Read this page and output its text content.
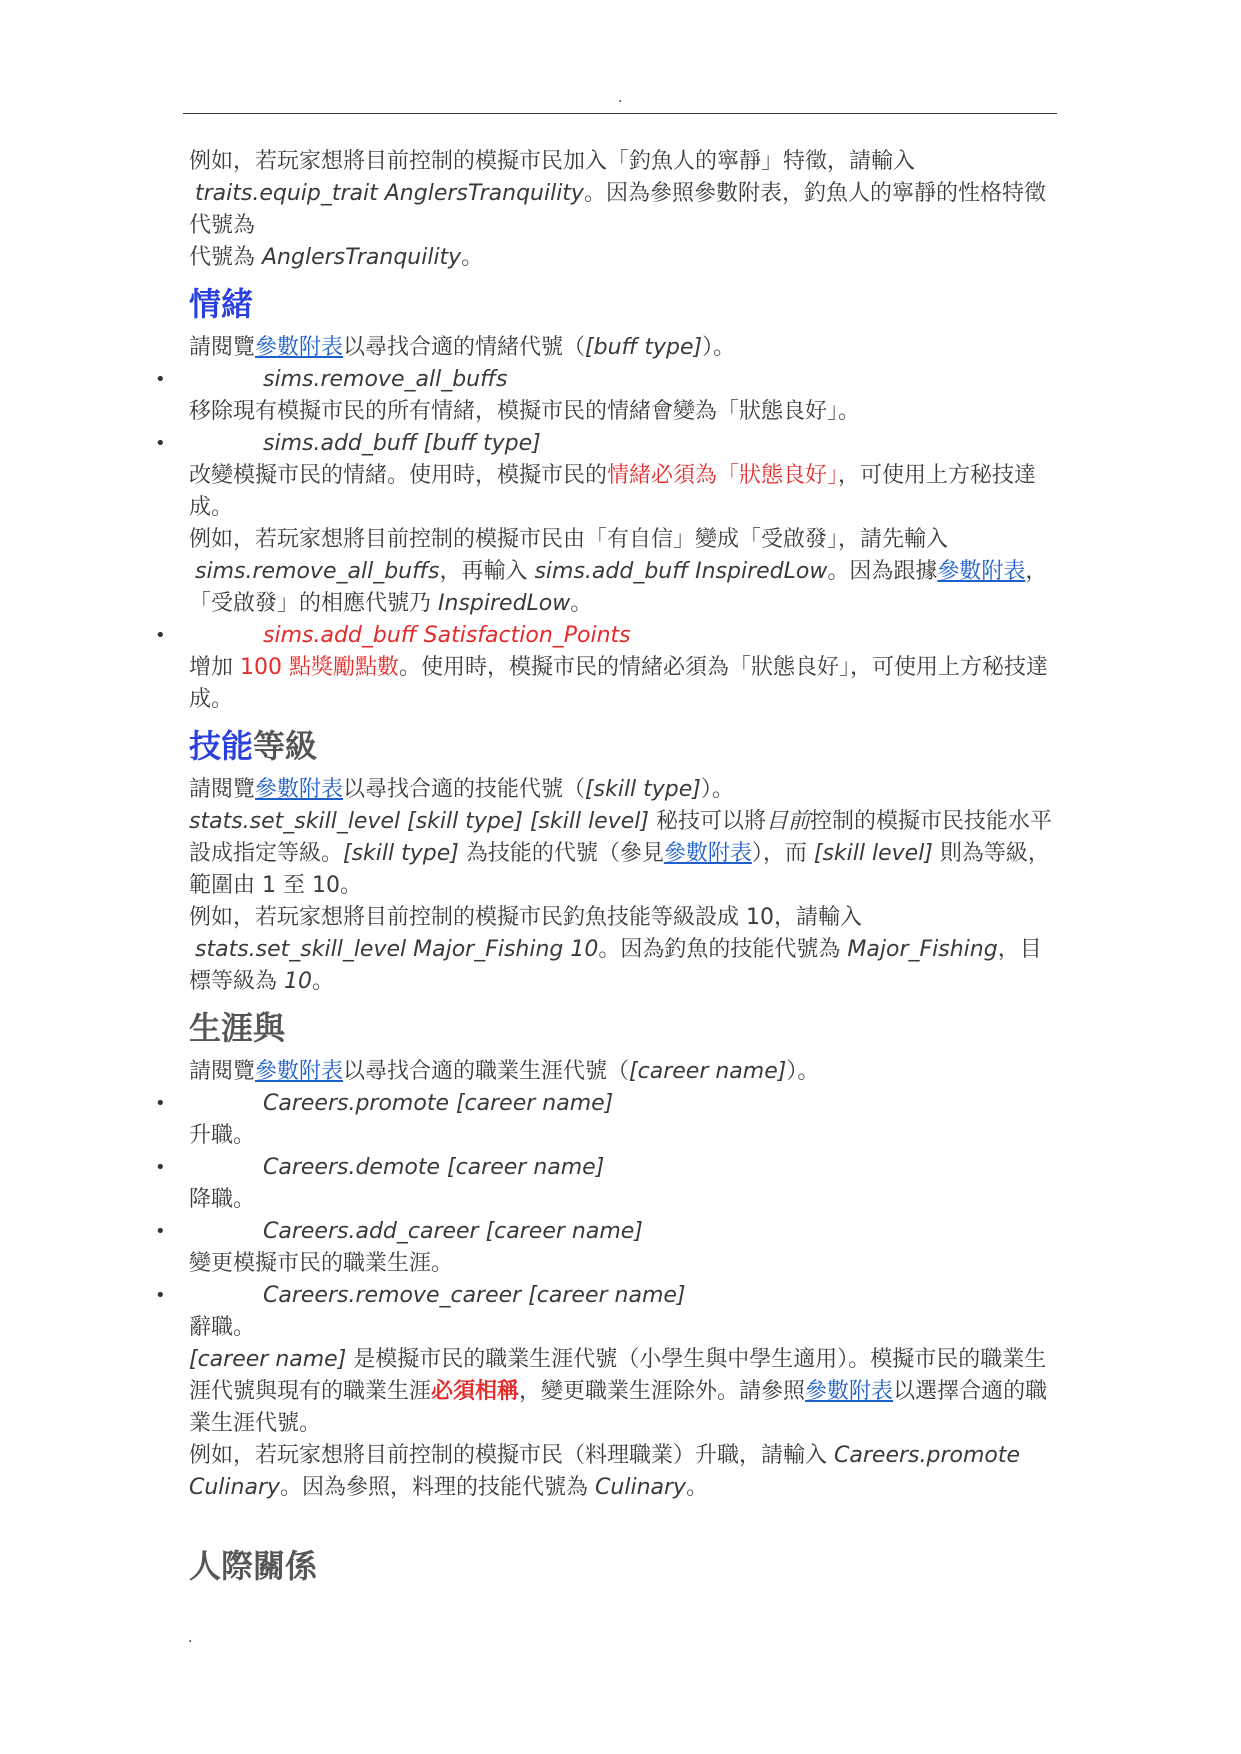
.

例如，若玩家想將目前控制的模擬市民加入「釣魚人的寧靜」特徵，請輸入
traits.equip_trait AnglersTranquility。因為參照參數附表，釣魚人的寧靜的性格特徵代號為
代號為 AnglersTranquility。

情緒

請閱覽參數附表以尋找合適的情緒代號（[buff type]）。

•	sims.remove_all_buffs

移除現有模擬市民的所有情緒，模擬市民的情緒會變為「狀態良好」。

•	sims.add_buff [buff type]

改變模擬市民的情緒。使用時，模擬市民的情緒必須為「狀態良好」，可使用上方秘技達成。

例如，若玩家想將目前控制的模擬市民由「有自信」變成「受啟發」，請先輸入
sims.remove_all_buffs，再輸入 sims.add_buff InspiredLow。因為跟據參數附表，「受啟發」的相應代號乃 InspiredLow。

•	sims.add_buff Satisfaction_Points

增加 100 點獎勵點數。使用時，模擬市民的情緒必須為「狀態良好」，可使用上方秘技達成。

技能等級

請閱覽參數附表以尋找合適的技能代號（[skill type]）。

stats.set_skill_level [skill type] [skill level] 秘技可以將目前控制的模擬市民技能水平設成指定等級。[skill type] 為技能的代號（參見參數附表），而 [skill level] 則為等級，範圍由 1 至 10。

例如，若玩家想將目前控制的模擬市民釣魚技能等級設成 10，請輸入
stats.set_skill_level Major_Fishing 10。因為釣魚的技能代號為 Major_Fishing，目標等級為 10。

生涯與

請閱覽參數附表以尋找合適的職業生涯代號（[career name]）。

•	Careers.promote [career name]

升職。

•	Careers.demote [career name]

降職。

•	Careers.add_career [career name]

變更模擬市民的職業生涯。

•	Careers.remove_career [career name]

辭職。

[career name] 是模擬市民的職業生涯代號（小學生與中學生適用）。模擬市民的職業生涯代號與現有的職業生涯必須相稱，變更職業生涯除外。請參照參數附表以選擇合適的職業生涯代號。

例如，若玩家想將目前控制的模擬市民（料理職業）升職，請輸入 Careers.promote Culinary。因為參照，料理的技能代號為 Culinary。

人際關係
.
